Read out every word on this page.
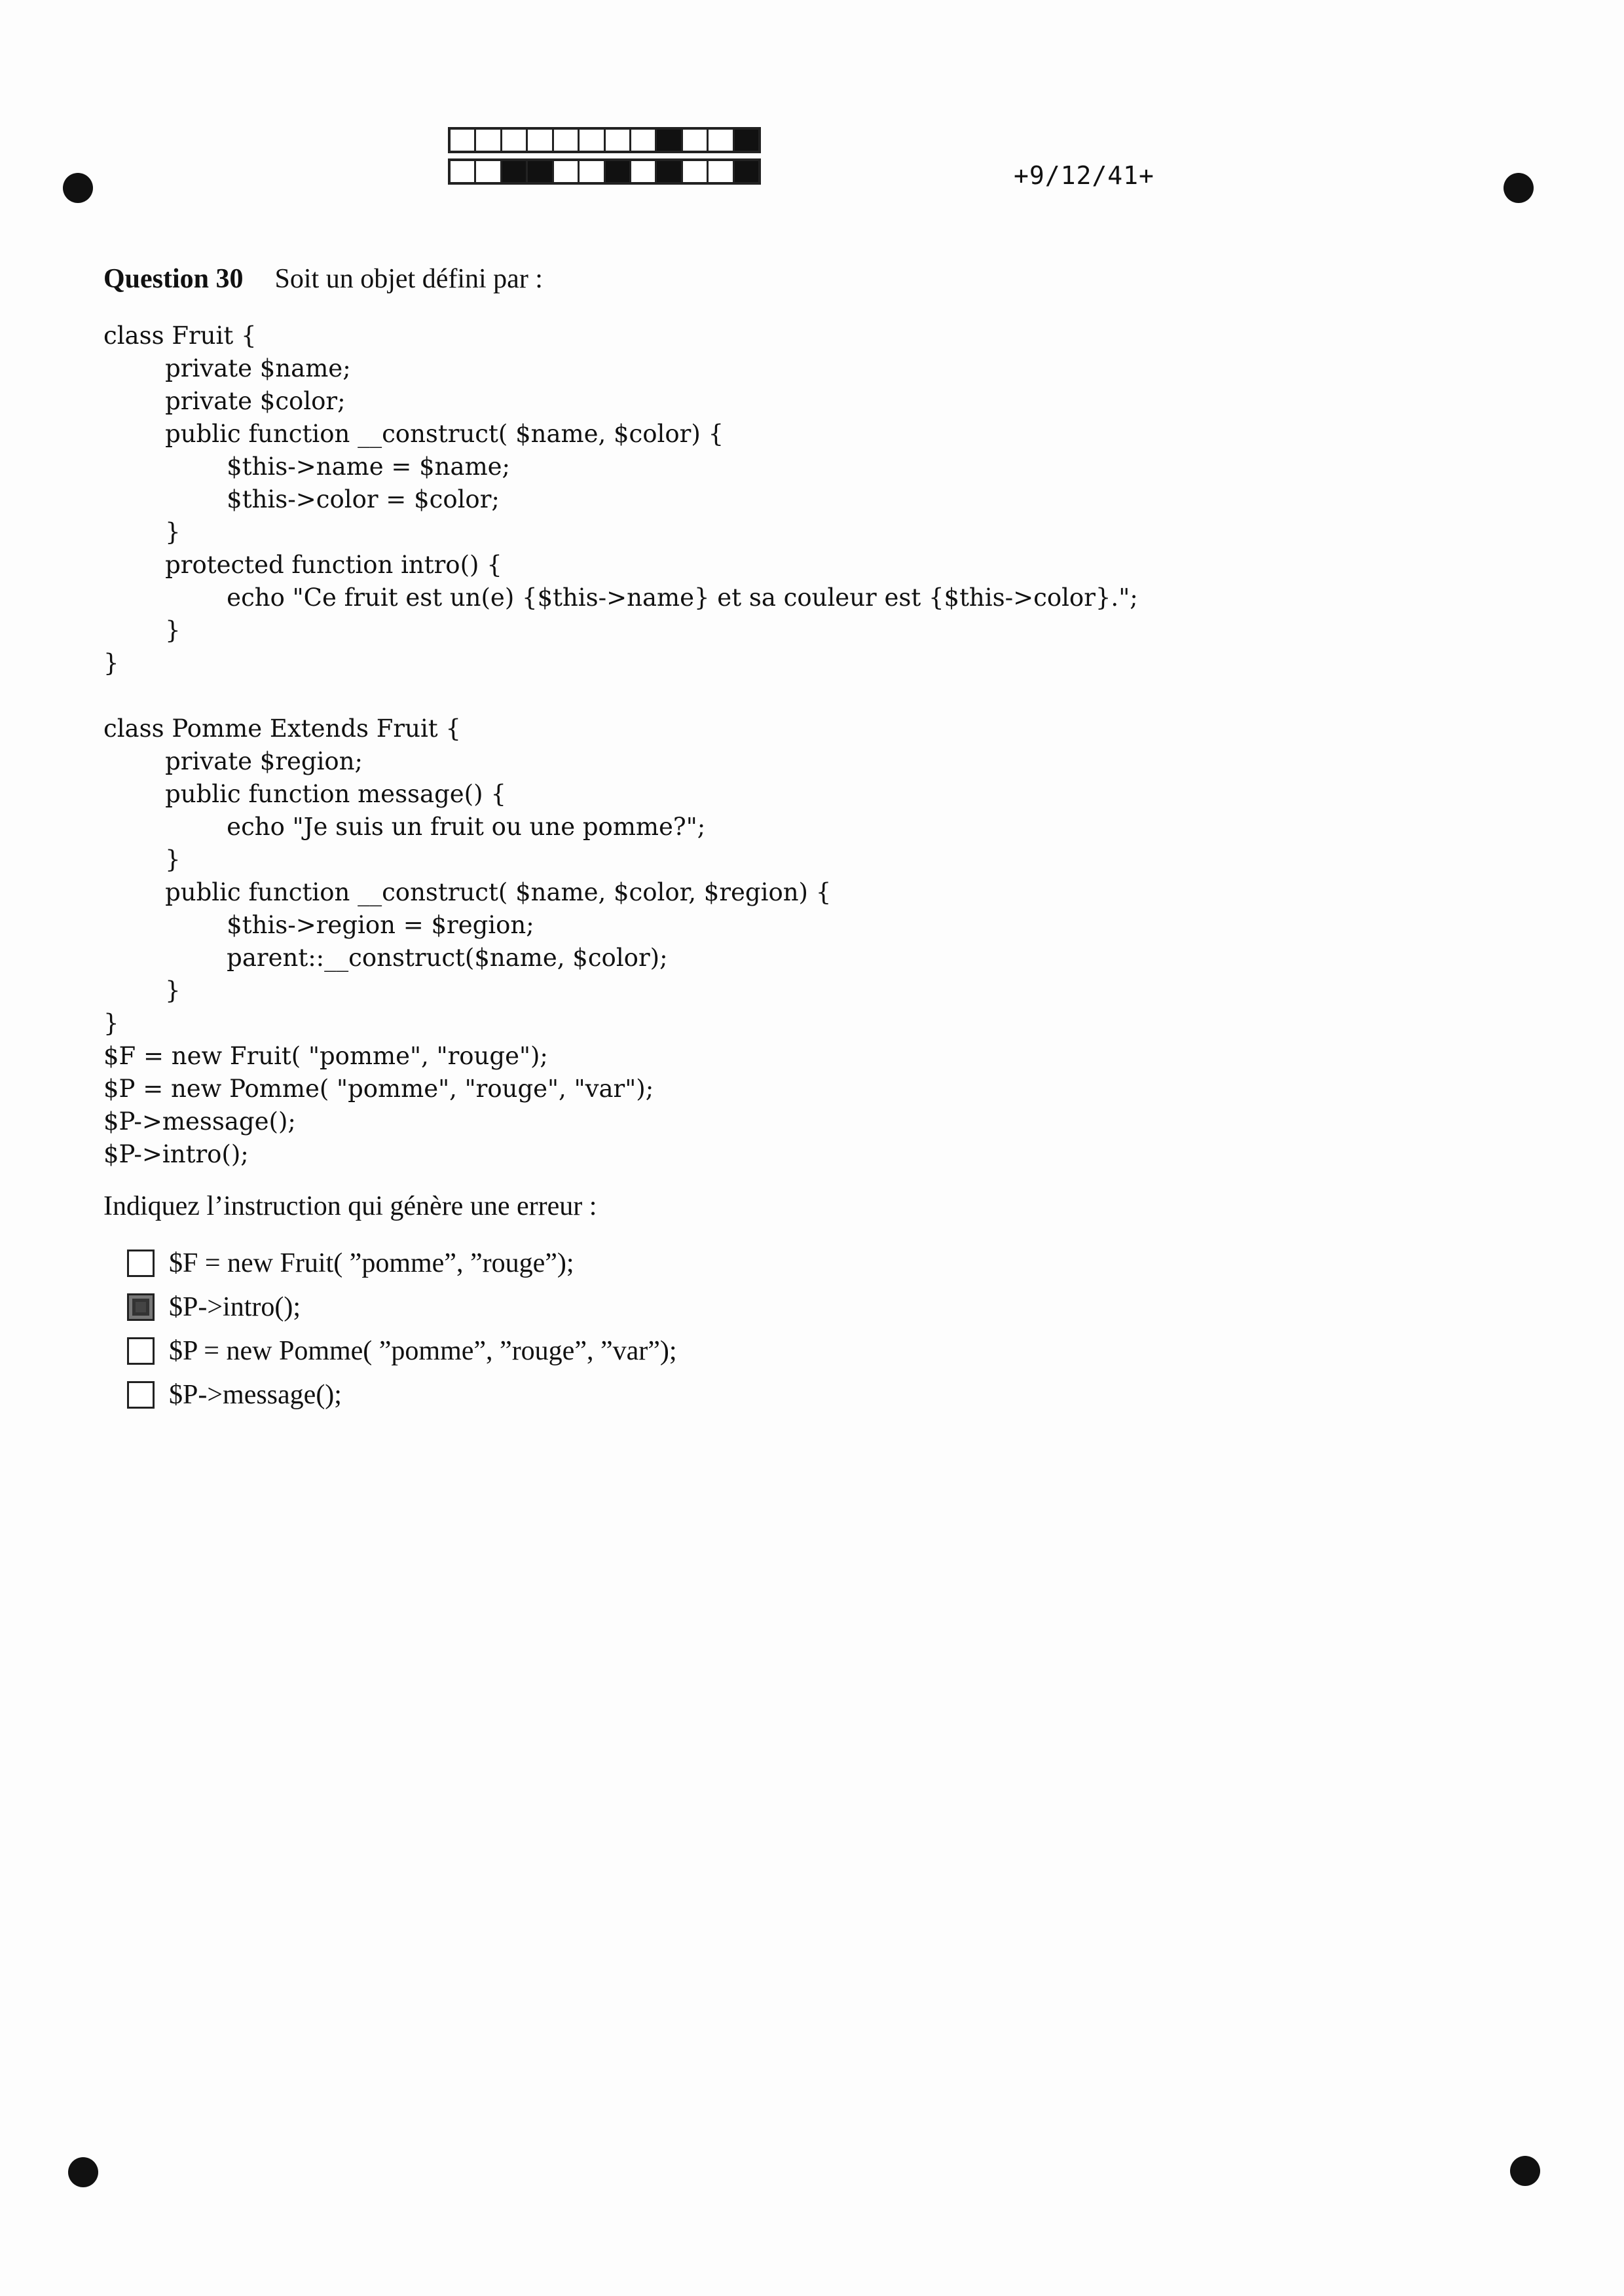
+9/12/41+
Question 30 Soit un objet défini par :
class Fruit {
private $name;
private $color;
public function __construct( $name, $color) {
$this->name = $name;
$this->color = $color;
}
protected function intro() {
echo "Ce fruit est un(e) {$this->name} et sa couleur est {$this->color}.";
}
}
class Pomme Extends Fruit {
private $region;
public function message() {
echo "Je suis un fruit ou une pomme?";
}
public function __construct( $name, $color, $region) {
$this->region = $region;
parent::__construct($name, $color);
}
}
$F = new Fruit( "pomme", "rouge");
$P = new Pomme( "pomme", "rouge", "var");
$P->message();
$P->intro();
Indiquez l’instruction qui génère une erreur :
$F = new Fruit( ”pomme”, ”rouge”);
$P->intro();
$P = new Pomme( ”pomme”, ”rouge”, ”var”);
$P->message();
